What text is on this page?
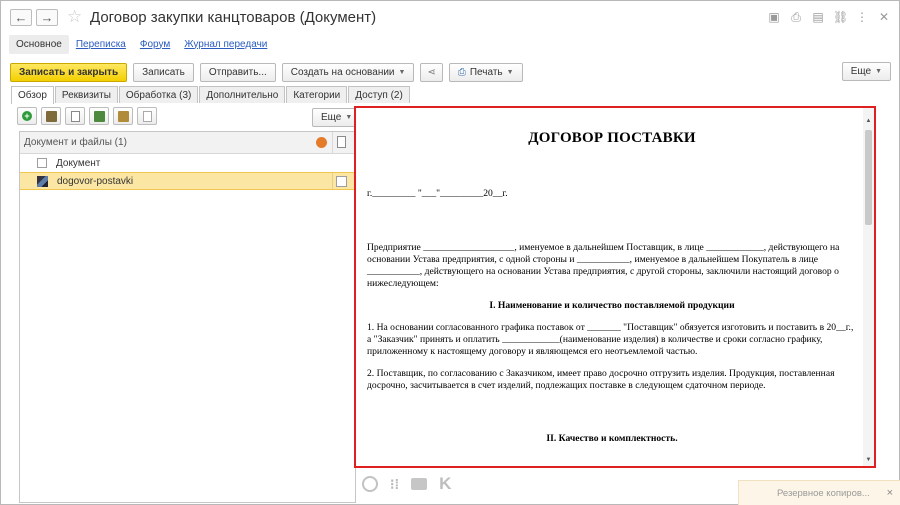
← → ☆ Договор закупки канцтоваров (Документ)	▣ ⎙ ▤ ⛓ ⋮ ✕
Основное	Переписка	Форум	Журнал передачи
Записать и закрыть	Записать	Отправить...	Создать на основании ▼ ⋖ ⎙ Печать ▼	Еще ▼
Обзор	Реквизиты	Обработка (3)	Дополнительно	Категории	Доступ (2)
+	Еще ▼
Документ и файлы (1)
Документ
dogovor-postavki
ДОГОВОР ПОСТАВКИ
г._________ "___"_________20__г.

Предприятие ___________________, именуемое в дальнейшем Поставщик, в лице ____________, действующего на основании Устава предприятия, с одной стороны и ___________, именуемое в дальнейшем Покупатель в лице ___________, действующего на основании Устава предприятия, с другой стороны, заключили настоящий договор о нижеследующем:

I. Наименование и количество поставляемой продукции

1. На основании согласованного графика поставок от _______ "Поставщик" обязуется изготовить и поставить в 20__г., а "Заказчик" принять и оплатить ____________(наименование изделия) в количестве и сроки согласно графику, приложенному к настоящему договору и являющемся его неотъемлемой частью.

2. Поставщик, по согласованию с Заказчиком, имеет право досрочно отгрузить изделия. Продукция, поставленная досрочно, засчитывается в счет изделий, подлежащих поставке в следующем сдаточном периоде.

II. Качество и комплектность.
▲
▼
⁝⁞ K	Резервное копиров... ×
